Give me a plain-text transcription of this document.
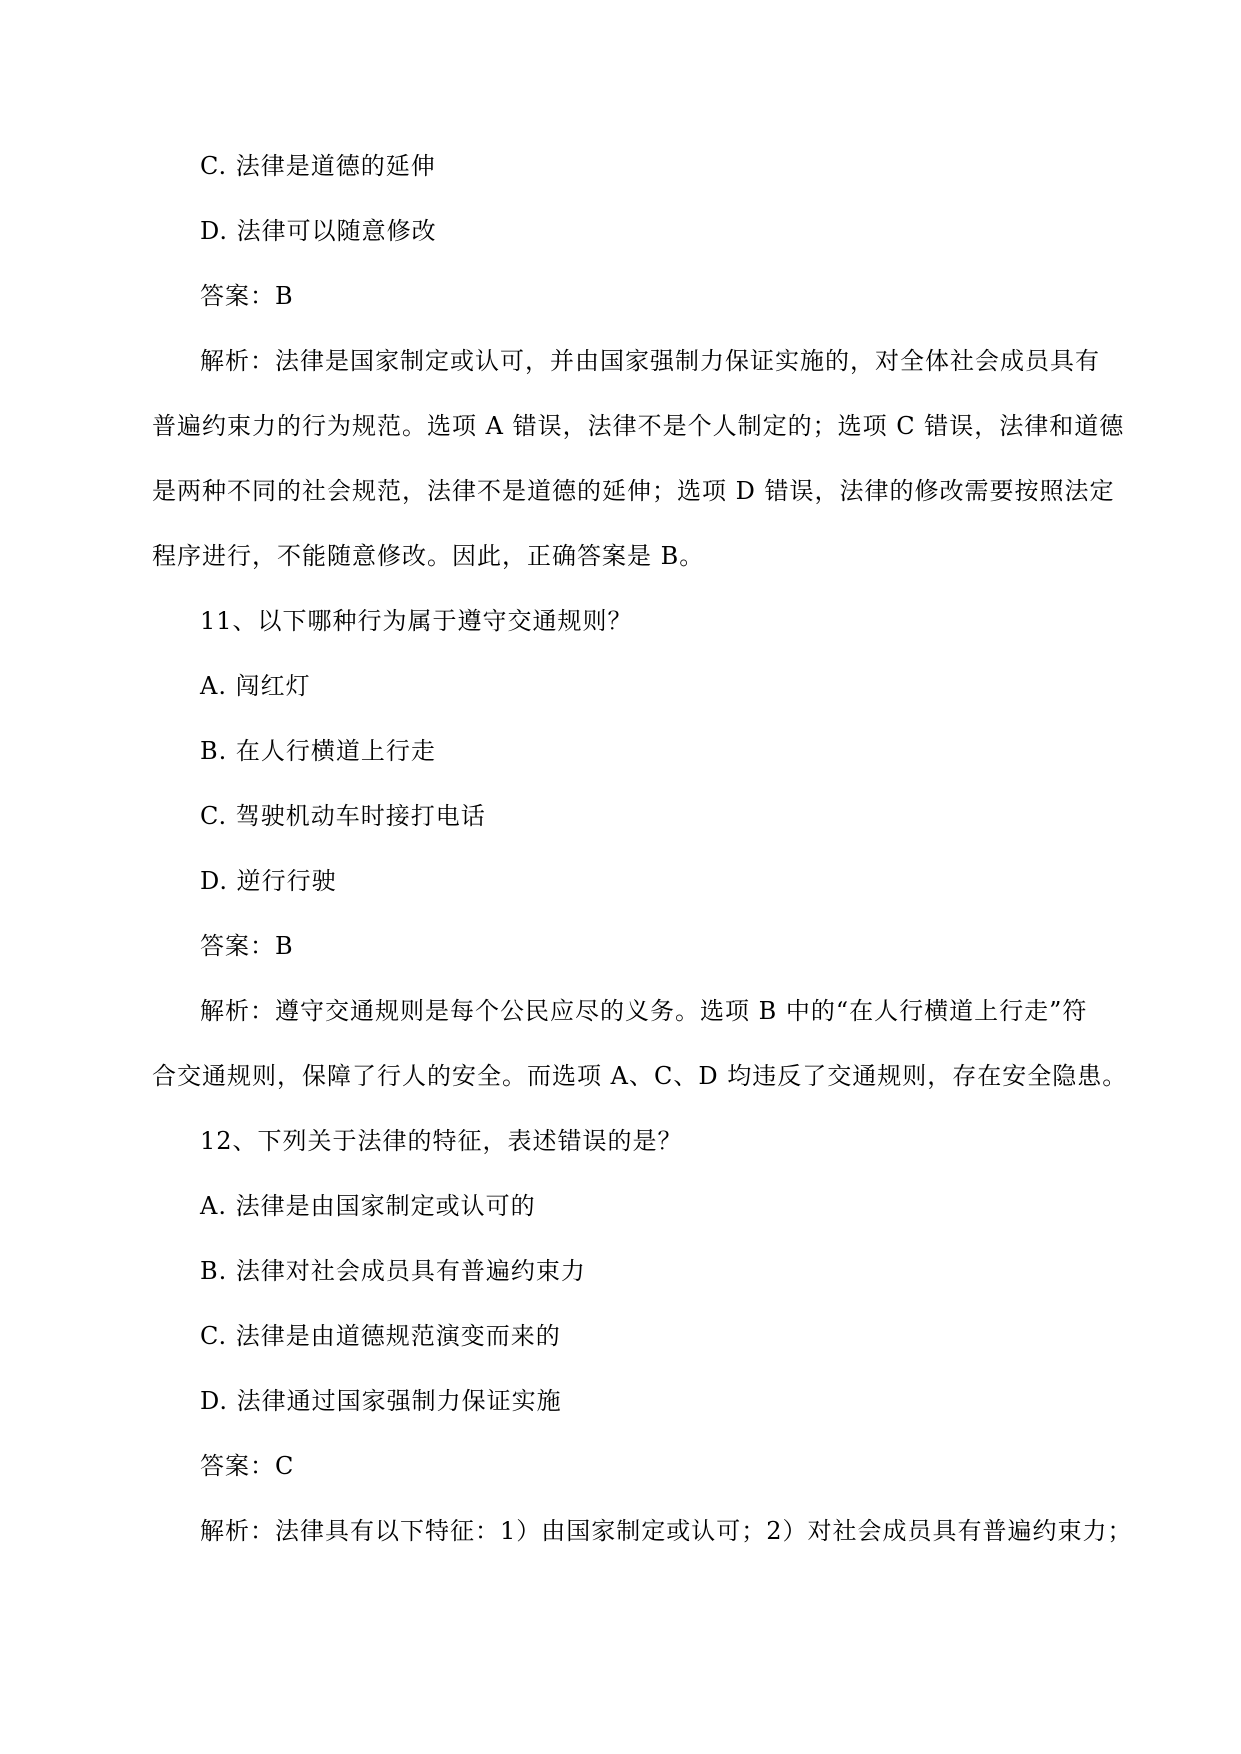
C. 法律是道德的延伸
D. 法律可以随意修改
答案：B
解析：法律是国家制定或认可，并由国家强制力保证实施的，对全体社会成员具有
普遍约束力的行为规范。选项 A 错误，法律不是个人制定的；选项 C 错误，法律和道德
是两种不同的社会规范，法律不是道德的延伸；选项 D 错误，法律的修改需要按照法定
程序进行，不能随意修改。因此，正确答案是 B。
11、以下哪种行为属于遵守交通规则？
A. 闯红灯
B. 在人行横道上行走
C. 驾驶机动车时接打电话
D. 逆行行驶
答案：B
解析：遵守交通规则是每个公民应尽的义务。选项 B 中的“在人行横道上行走”符
合交通规则，保障了行人的安全。而选项 A、C、D 均违反了交通规则，存在安全隐患。
12、下列关于法律的特征，表述错误的是？
A. 法律是由国家制定或认可的
B. 法律对社会成员具有普遍约束力
C. 法律是由道德规范演变而来的
D. 法律通过国家强制力保证实施
答案：C
解析：法律具有以下特征：1）由国家制定或认可；2）对社会成员具有普遍约束力；
